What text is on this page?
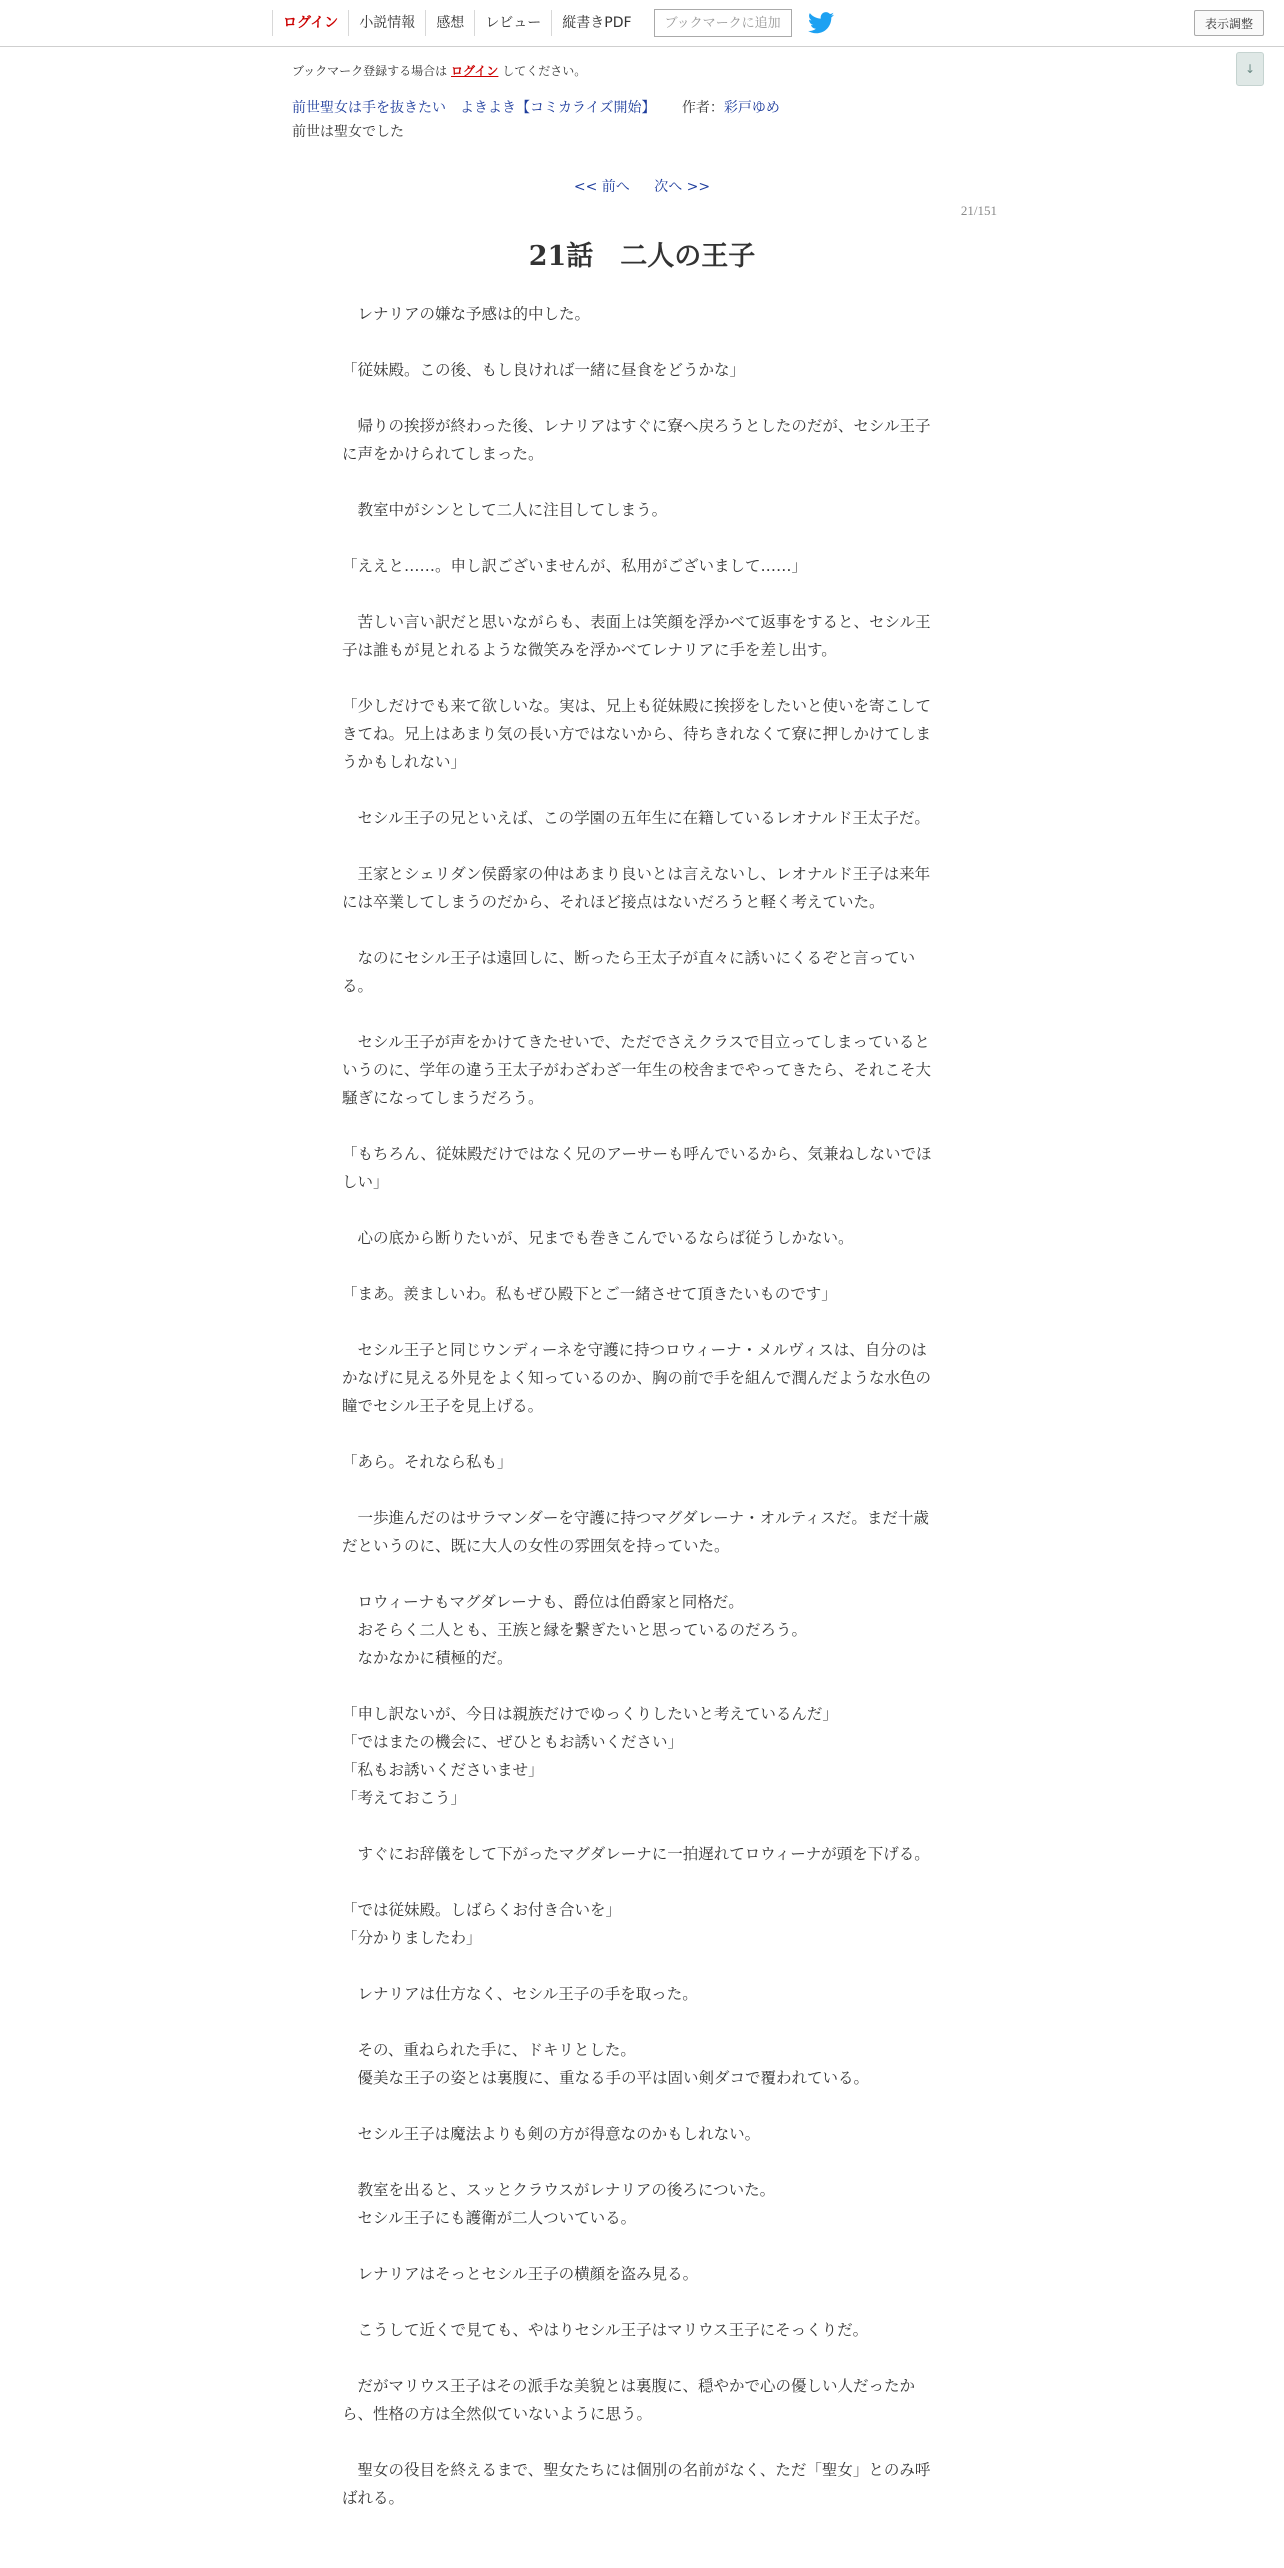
ログイン	小説情報	感想	レビュー	縦書きPDF	ブックマークに追加	表示調整
↓
ブックマーク登録する場合は ログイン してください。
前世聖女は手を抜きたい　よきよき【コミカライズ開始】 作者：彩戸ゆめ
前世は聖女でした
<< 前へ 次へ >>
21/151
21話　二人の王子

　レナリアの嫌な予感は的中した。

「従妹殿。この後、もし良ければ一緒に昼食をどうかな」

　帰りの挨拶が終わった後、レナリアはすぐに寮へ戻ろうとしたのだが、セシル王子に声をかけられてしまった。

　教室中がシンとして二人に注目してしまう。

「ええと……。申し訳ございませんが、私用がございまして……」

　苦しい言い訳だと思いながらも、表面上は笑顔を浮かべて返事をすると、セシル王子は誰もが見とれるような微笑みを浮かべてレナリアに手を差し出す。

「少しだけでも来て欲しいな。実は、兄上も従妹殿に挨拶をしたいと使いを寄こしてきてね。兄上はあまり気の長い方ではないから、待ちきれなくて寮に押しかけてしまうかもしれない」

　セシル王子の兄といえば、この学園の五年生に在籍しているレオナルド王太子だ。

　王家とシェリダン侯爵家の仲はあまり良いとは言えないし、レオナルド王子は来年には卒業してしまうのだから、それほど接点はないだろうと軽く考えていた。

　なのにセシル王子は遠回しに、断ったら王太子が直々に誘いにくるぞと言っている。

　セシル王子が声をかけてきたせいで、ただでさえクラスで目立ってしまっているというのに、学年の違う王太子がわざわざ一年生の校舎までやってきたら、それこそ大騒ぎになってしまうだろう。

「もちろん、従妹殿だけではなく兄のアーサーも呼んでいるから、気兼ねしないでほしい」

　心の底から断りたいが、兄までも巻きこんでいるならば従うしかない。

「まあ。羨ましいわ。私もぜひ殿下とご一緒させて頂きたいものです」

　セシル王子と同じウンディーネを守護に持つロウィーナ・メルヴィスは、自分のはかなげに見える外見をよく知っているのか、胸の前で手を組んで潤んだような水色の瞳でセシル王子を見上げる。

「あら。それなら私も」

　一歩進んだのはサラマンダーを守護に持つマグダレーナ・オルティスだ。まだ十歳だというのに、既に大人の女性の雰囲気を持っていた。

　ロウィーナもマグダレーナも、爵位は伯爵家と同格だ。

　おそらく二人とも、王族と縁を繋ぎたいと思っているのだろう。

　なかなかに積極的だ。

「申し訳ないが、今日は親族だけでゆっくりしたいと考えているんだ」

「ではまたの機会に、ぜひともお誘いください」

「私もお誘いくださいませ」

「考えておこう」

　すぐにお辞儀をして下がったマグダレーナに一拍遅れてロウィーナが頭を下げる。

「では従妹殿。しばらくお付き合いを」

「分かりましたわ」

　レナリアは仕方なく、セシル王子の手を取った。

　その、重ねられた手に、ドキリとした。

　優美な王子の姿とは裏腹に、重なる手の平は固い剣ダコで覆われている。

　セシル王子は魔法よりも剣の方が得意なのかもしれない。

　教室を出ると、スッとクラウスがレナリアの後ろについた。

　セシル王子にも護衛が二人ついている。

　レナリアはそっとセシル王子の横顔を盗み見る。

　こうして近くで見ても、やはりセシル王子はマリウス王子にそっくりだ。

　だがマリウス王子はその派手な美貌とは裏腹に、穏やかで心の優しい人だったから、性格の方は全然似ていないように思う。

　聖女の役目を終えるまで、聖女たちには個別の名前がなく、ただ「聖女」とのみ呼ばれる。
